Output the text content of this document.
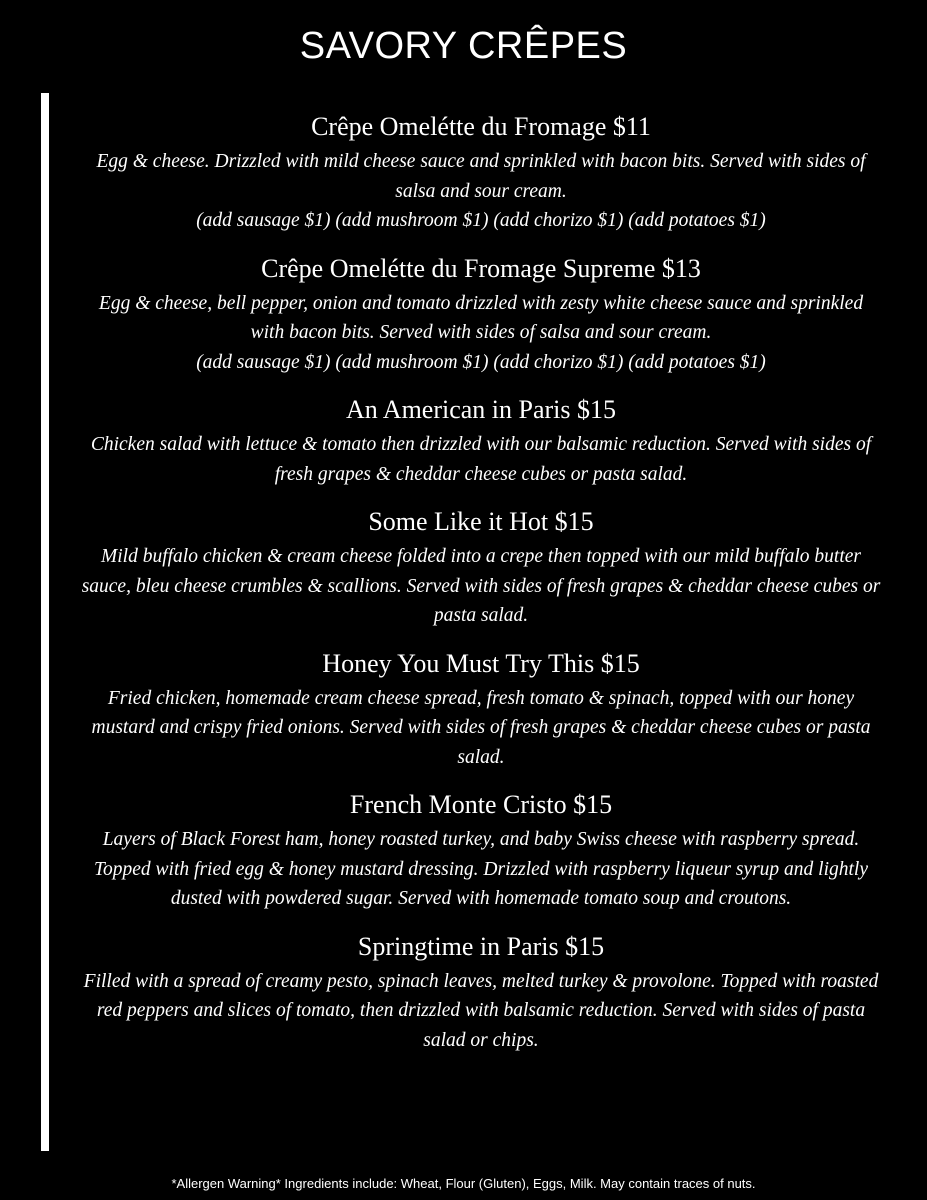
SAVORY CRÊPES
Crêpe Omelétte du Fromage $11

Egg & cheese. Drizzled with mild cheese sauce and sprinkled with bacon bits. Served with sides of salsa and sour cream.

(add sausage $1) (add mushroom $1) (add chorizo $1) (add potatoes $1)

Crêpe Omelétte du Fromage Supreme $13

Egg & cheese, bell pepper, onion and tomato drizzled with zesty white cheese sauce and sprinkled with bacon bits. Served with sides of salsa and sour cream.

(add sausage $1) (add mushroom $1) (add chorizo $1) (add potatoes $1)

An American in Paris $15

Chicken salad with lettuce & tomato then drizzled with our balsamic reduction. Served with sides of fresh grapes & cheddar cheese cubes or pasta salad.

Some Like it Hot $15

Mild buffalo chicken & cream cheese folded into a crepe then topped with our mild buffalo butter sauce, bleu cheese crumbles & scallions. Served with sides of fresh grapes & cheddar cheese cubes or pasta salad.

Honey You Must Try This $15

Fried chicken, homemade cream cheese spread, fresh tomato & spinach, topped with our honey mustard and crispy fried onions. Served with sides of fresh grapes & cheddar cheese cubes or pasta salad.

French Monte Cristo $15

Layers of Black Forest ham, honey roasted turkey, and baby Swiss cheese with raspberry spread. Topped with fried egg & honey mustard dressing. Drizzled with raspberry liqueur syrup and lightly dusted with powdered sugar. Served with homemade tomato soup and croutons.

Springtime in Paris $15

Filled with a spread of creamy pesto, spinach leaves, melted turkey & provolone. Topped with roasted red peppers and slices of tomato, then drizzled with balsamic reduction. Served with sides of pasta salad or chips.

*Allergen Warning* Ingredients include: Wheat, Flour (Gluten), Eggs, Milk. May contain traces of nuts.
